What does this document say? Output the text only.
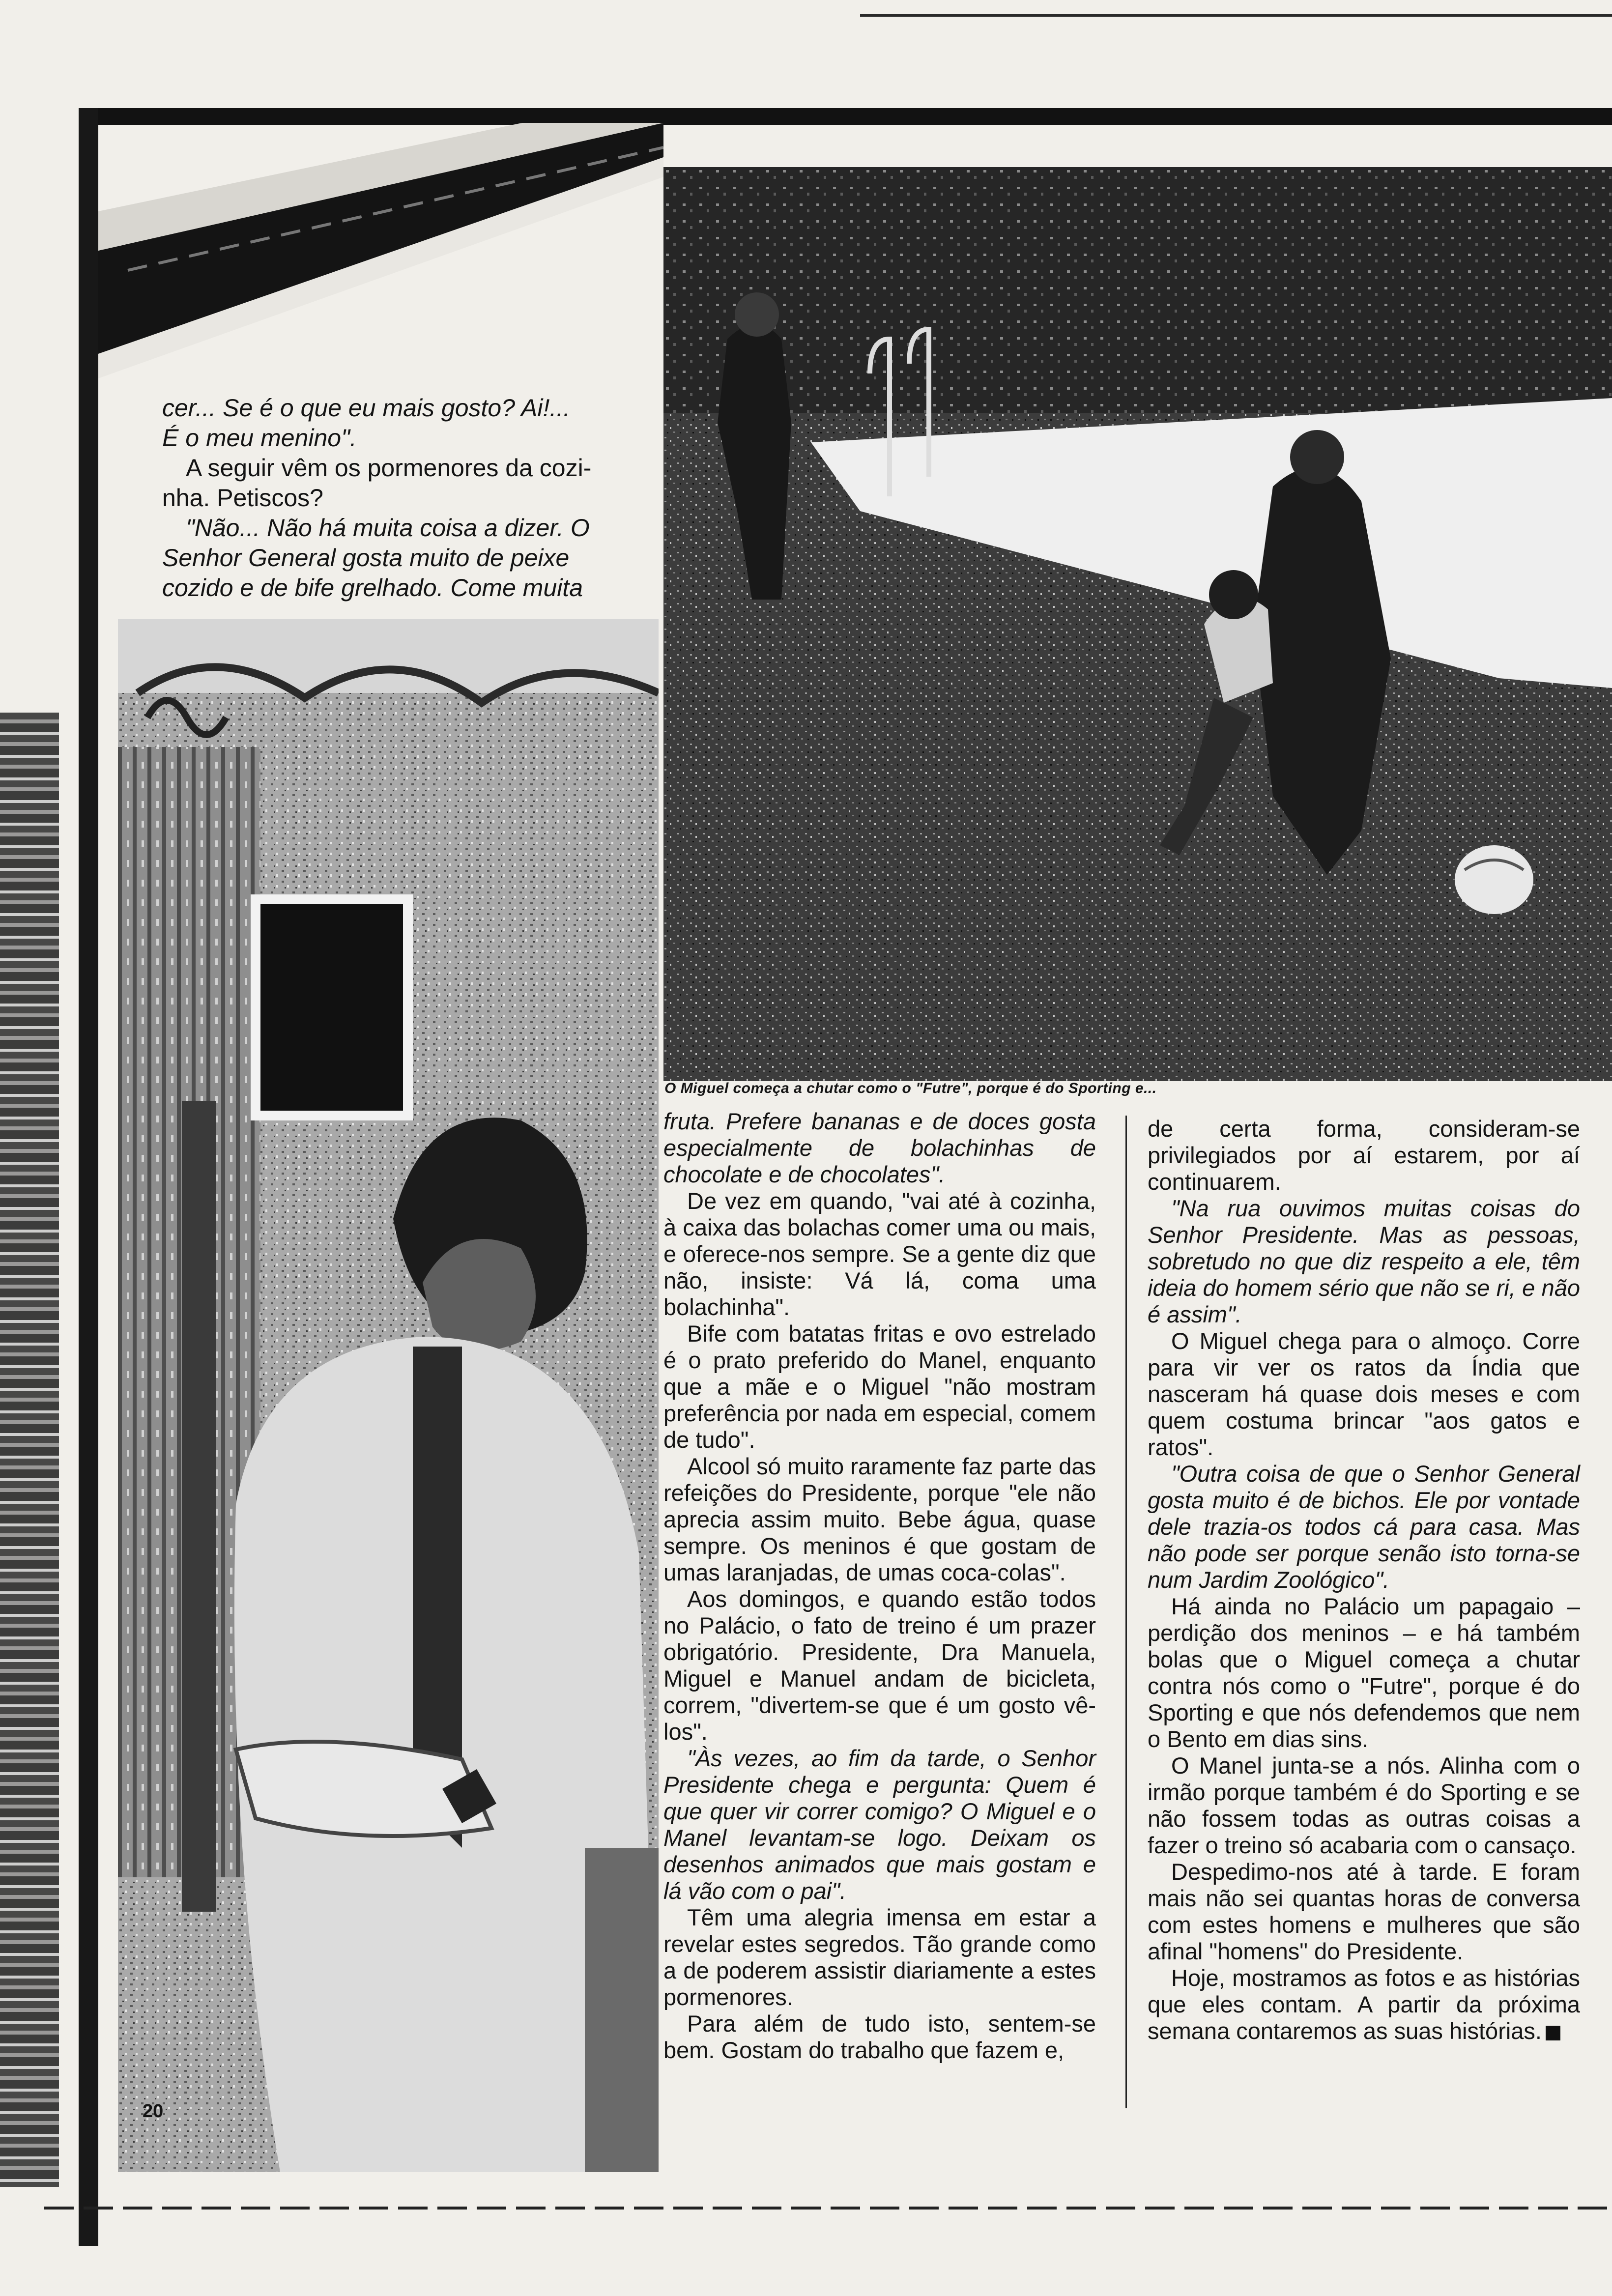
cer... Se é o que eu mais gosto? Ai!...

É o meu menino".

A seguir vêm os pormenores da cozi-

nha. Petiscos?

"Não... Não há muita coisa a dizer. O

Senhor General gosta muito de peixe

cozido e de bife grelhado. Come muita

O Miguel começa a chutar como o "Futre", porque é do Sporting e...

fruta. Prefere bananas e de doces gosta especialmente de bolachinhas de chocolate e de chocolates".

De vez em quando, "vai até à cozinha, à caixa das bolachas comer uma ou mais, e oferece-nos sempre. Se a gente diz que não, insiste: Vá lá, coma uma bolachinha".

Bife com batatas fritas e ovo estrelado é o prato preferido do Manel, enquanto que a mãe e o Miguel "não mostram preferência por nada em especial, comem de tudo".

Alcool só muito raramente faz parte das refeições do Presidente, porque "ele não aprecia assim muito. Bebe água, quase sempre. Os meninos é que gostam de umas laranjadas, de umas coca-colas".

Aos domingos, e quando estão todos no Palácio, o fato de treino é um prazer obrigatório. Presidente, Dra Manuela, Miguel e Manuel andam de bicicleta, correm, "divertem-se que é um gosto vê-los".

"Às vezes, ao fim da tarde, o Senhor Presidente chega e pergunta: Quem é que quer vir correr comigo? O Miguel e o Manel levantam-se logo. Deixam os desenhos animados que mais gostam e lá vão com o pai".

Têm uma alegria imensa em estar a revelar estes segredos. Tão grande como a de poderem assistir diariamente a estes pormenores.

Para além de tudo isto, sentem-se bem. Gostam do trabalho que fazem e,

de certa forma, consideram-se privilegiados por aí estarem, por aí continuarem.

"Na rua ouvimos muitas coisas do Senhor Presidente. Mas as pessoas, sobretudo no que diz respeito a ele, têm ideia do homem sério que não se ri, e não é assim".

O Miguel chega para o almoço. Corre para vir ver os ratos da Índia que nasceram há quase dois meses e com quem costuma brincar "aos gatos e ratos".

"Outra coisa de que o Senhor General gosta muito é de bichos. Ele por vontade dele trazia-os todos cá para casa. Mas não pode ser porque senão isto torna-se num Jardim Zoológico".

Há ainda no Palácio um papagaio – perdição dos meninos – e há também bolas que o Miguel começa a chutar contra nós como o "Futre", porque é do Sporting e que nós defendemos que nem o Bento em dias sins.

O Manel junta-se a nós. Alinha com o irmão porque também é do Sporting e se não fossem todas as outras coisas a fazer o treino só acabaria com o cansaço.

Despedimo-nos até à tarde. E foram mais não sei quantas horas de conversa com estes homens e mulheres que são afinal "homens" do Presidente.

Hoje, mostramos as fotos e as histórias que eles contam. A partir da próxima semana contaremos as suas histórias.	M

20
